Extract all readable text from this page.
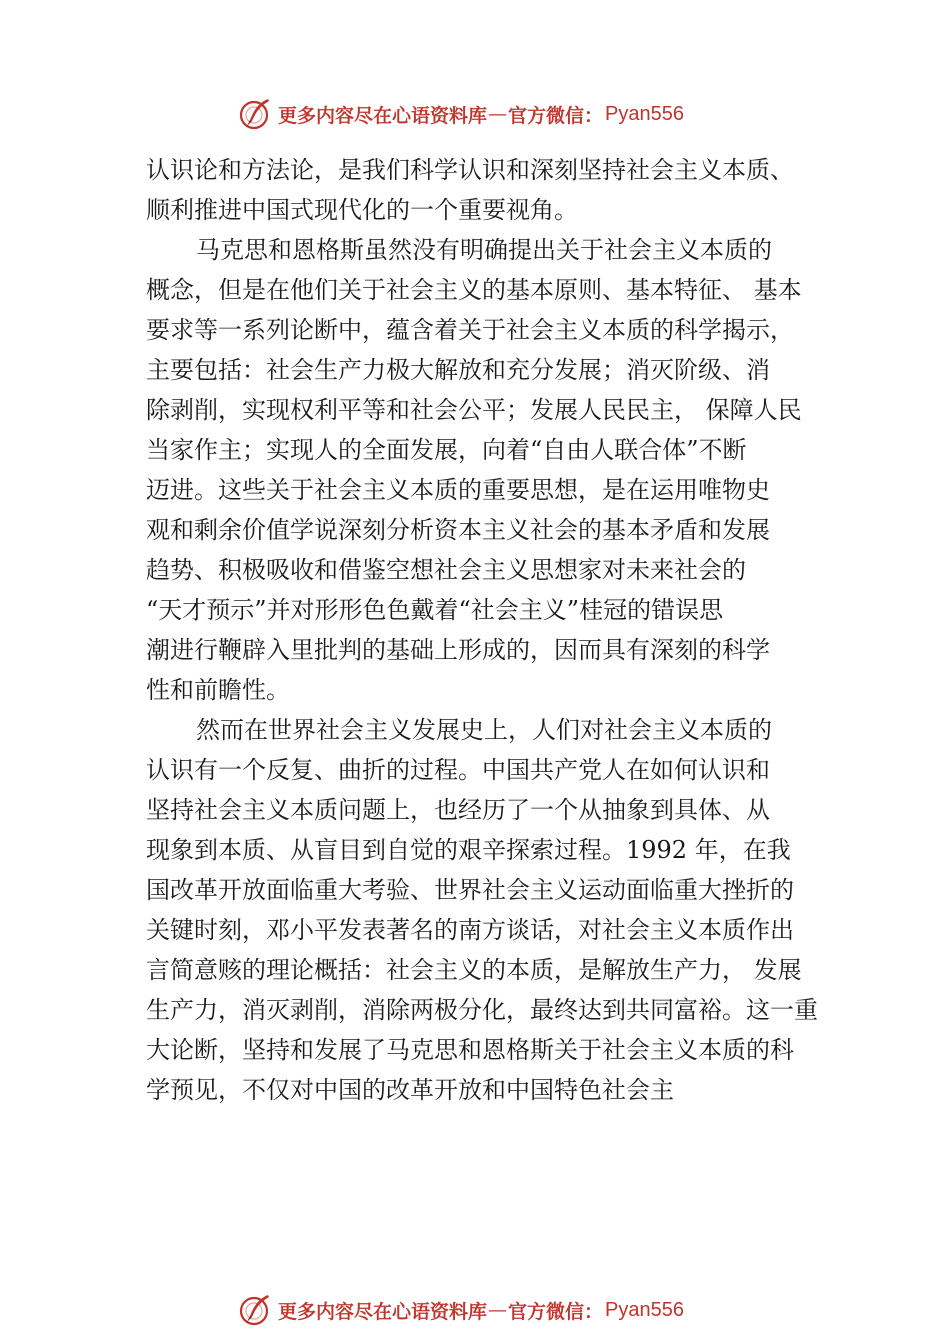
更多内容尽在心语资料库 — 官方微信： Pyan556
认识论和方法论，是我们科学认识和深刻坚持社会主义本质、
顺利推进中国式现代化的一个重要视角。
马克思和恩格斯虽然没有明确提出关于社会主义本质的
概念，但是在他们关于社会主义的基本原则、基本特征、 基本
要求等一系列论断中，蕴含着关于社会主义本质的科学揭示，
主要包括：社会生产力极大解放和充分发展；消灭阶级、消
除剥削，实现权利平等和社会公平；发展人民民主， 保障人民
当家作主；实现人的全面发展，向着“自由人联合体”不断
迈进。这些关于社会主义本质的重要思想，是在运用唯物史
观和剩余价值学说深刻分析资本主义社会的基本矛盾和发展
趋势、积极吸收和借鉴空想社会主义思想家对未来社会的
“天才预示”并对形形色色戴着“社会主义”桂冠的错误思
潮进行鞭辟入里批判的基础上形成的，因而具有深刻的科学
性和前瞻性。
然而在世界社会主义发展史上，人们对社会主义本质的
认识有一个反复、曲折的过程。中国共产党人在如何认识和
坚持社会主义本质问题上，也经历了一个从抽象到具体、从
现象到本质、从盲目到自觉的艰辛探索过程。1992 年，在我
国改革开放面临重大考验、世界社会主义运动面临重大挫折的
关键时刻，邓小平发表著名的南方谈话，对社会主义本质作出
言简意赅的理论概括：社会主义的本质，是解放生产力， 发展
生产力，消灭剥削，消除两极分化，最终达到共同富裕。这一重
大论断，坚持和发展了马克思和恩格斯关于社会主义本质的科
学预见，不仅对中国的改革开放和中国特色社会主
更多内容尽在心语资料库 — 官方微信： Pyan556
